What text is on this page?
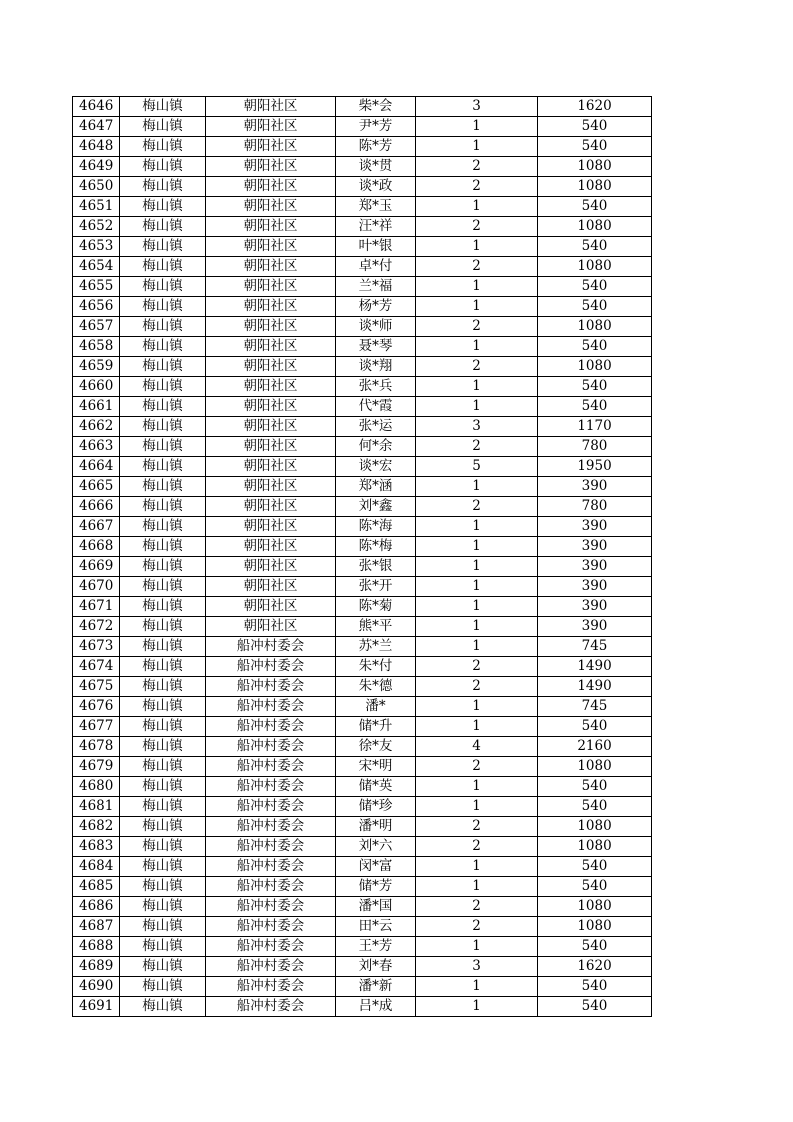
4646	梅山镇	朝阳社区	柴*会	3	1620
4647	梅山镇	朝阳社区	尹*芳	1	540
4648	梅山镇	朝阳社区	陈*芳	1	540
4649	梅山镇	朝阳社区	谈*贯	2	1080
4650	梅山镇	朝阳社区	谈*政	2	1080
4651	梅山镇	朝阳社区	郑*玉	1	540
4652	梅山镇	朝阳社区	汪*祥	2	1080
4653	梅山镇	朝阳社区	叶*银	1	540
4654	梅山镇	朝阳社区	卓*付	2	1080
4655	梅山镇	朝阳社区	兰*福	1	540
4656	梅山镇	朝阳社区	杨*芳	1	540
4657	梅山镇	朝阳社区	谈*师	2	1080
4658	梅山镇	朝阳社区	聂*琴	1	540
4659	梅山镇	朝阳社区	谈*翔	2	1080
4660	梅山镇	朝阳社区	张*兵	1	540
4661	梅山镇	朝阳社区	代*霞	1	540
4662	梅山镇	朝阳社区	张*运	3	1170
4663	梅山镇	朝阳社区	何*余	2	780
4664	梅山镇	朝阳社区	谈*宏	5	1950
4665	梅山镇	朝阳社区	郑*涵	1	390
4666	梅山镇	朝阳社区	刘*鑫	2	780
4667	梅山镇	朝阳社区	陈*海	1	390
4668	梅山镇	朝阳社区	陈*梅	1	390
4669	梅山镇	朝阳社区	张*银	1	390
4670	梅山镇	朝阳社区	张*开	1	390
4671	梅山镇	朝阳社区	陈*菊	1	390
4672	梅山镇	朝阳社区	熊*平	1	390
4673	梅山镇	船冲村委会	苏*兰	1	745
4674	梅山镇	船冲村委会	朱*付	2	1490
4675	梅山镇	船冲村委会	朱*德	2	1490
4676	梅山镇	船冲村委会	潘*	1	745
4677	梅山镇	船冲村委会	储*升	1	540
4678	梅山镇	船冲村委会	徐*友	4	2160
4679	梅山镇	船冲村委会	宋*明	2	1080
4680	梅山镇	船冲村委会	储*英	1	540
4681	梅山镇	船冲村委会	储*珍	1	540
4682	梅山镇	船冲村委会	潘*明	2	1080
4683	梅山镇	船冲村委会	刘*六	2	1080
4684	梅山镇	船冲村委会	闵*富	1	540
4685	梅山镇	船冲村委会	储*芳	1	540
4686	梅山镇	船冲村委会	潘*国	2	1080
4687	梅山镇	船冲村委会	田*云	2	1080
4688	梅山镇	船冲村委会	王*芳	1	540
4689	梅山镇	船冲村委会	刘*春	3	1620
4690	梅山镇	船冲村委会	潘*新	1	540
4691	梅山镇	船冲村委会	吕*成	1	540
